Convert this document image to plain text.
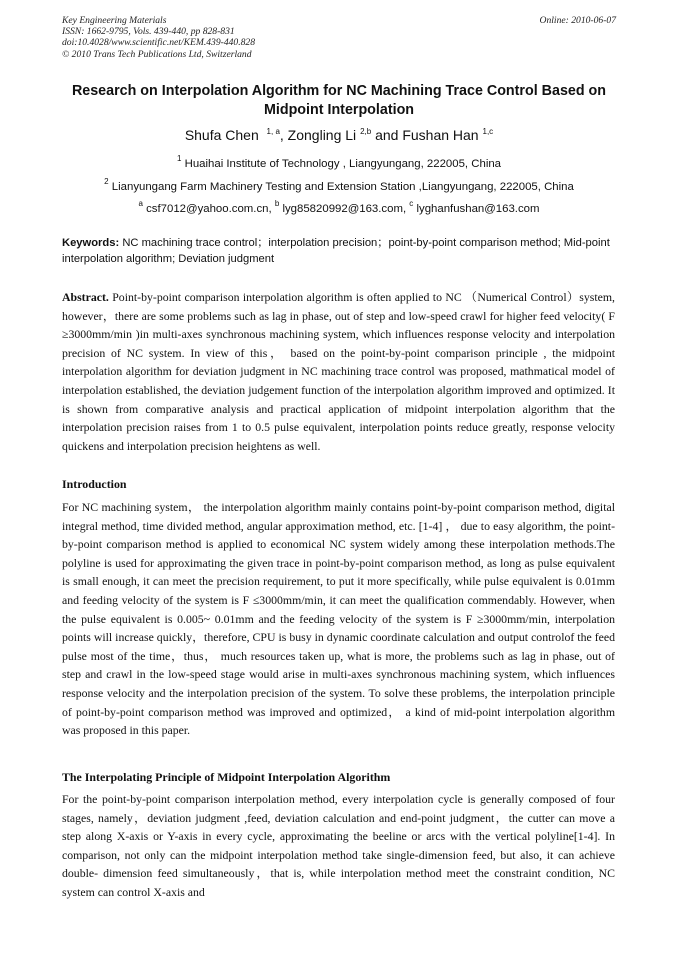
Key Engineering Materials
ISSN: 1662-9795, Vols. 439-440, pp 828-831
doi:10.4028/www.scientific.net/KEM.439-440.828
© 2010 Trans Tech Publications Ltd, Switzerland
Online: 2010-06-07
Research on Interpolation Algorithm for NC Machining Trace Control Based on Midpoint Interpolation
Shufa Chen $^{1, a}$, Zongling Li $^{2,b}$ and Fushan Han $^{1,c}$
$^1$ Huaihai Institute of Technology , Liangyungang, 222005, China
$^2$ Lianyungang Farm Machinery Testing and Extension Station ,Liangyungang, 222005, China
$^a$ csf7012@yahoo.com.cn, $^b$ lyg85820992@163.com, $^c$ lyghanfushan@163.com
Keywords: NC machining trace control；interpolation precision；point-by-point comparison method; Mid-point interpolation algorithm; Deviation judgment
Abstract. Point-by-point comparison interpolation algorithm is often applied to NC （Numerical Control）system, however，there are some problems such as lag in phase, out of step and low-speed crawl for higher feed velocity( F ≥3000mm/min )in multi-axes synchronous machining system, which influences response velocity and interpolation precision of NC system. In view of this， based on the point-by-point comparison principle , the midpoint interpolation algorithm for deviation judgment in NC machining trace control was proposed, mathmatical model of interpolation established, the deviation judgement function of the interpolation algorithm improved and optimized. It is shown from comparative analysis and practical application of midpoint interpolation algorithm that the interpolation precision raises from 1 to 0.5 pulse equivalent, interpolation points reduce greatly, response velocity quickens and interpolation precision heightens as well.
Introduction
For NC machining system， the interpolation algorithm mainly contains point-by-point comparison method, digital integral method, time divided method, angular approximation method, etc. [1-4] ， due to easy algorithm, the point-by-point comparison method is applied to economical NC system widely among these interpolation methods.The polyline is used for approximating the given trace in point-by-point comparison method, as long as pulse equivalent is small enough, it can meet the precision requirement, to put it more specifically, while pulse equivalent is 0.01mm and feeding velocity of the system is F ≤3000mm/min, it can meet the qualification commendably. However, when the pulse equivalent is 0.005~ 0.01mm and the feeding velocity of the system is F ≥3000mm/min, interpolation points will increase quickly，therefore, CPU is busy in dynamic coordinate calculation and output controlof the feed pulse most of the time，thus， much resources taken up, what is more, the problems such as lag in phase, out of step and crawl in the low-speed stage would arise in multi-axes synchronous machining system, which influences response velocity and the interpolation precision of the system. To solve these problems, the interpolation principle of point-by-point comparison method was improved and optimized， a kind of mid-point interpolation algorithm was proposed in this paper.
The Interpolating Principle of Midpoint Interpolation Algorithm
For the point-by-point comparison interpolation method, every interpolation cycle is generally composed of four stages, namely，deviation judgment ,feed, deviation calculation and end-point judgment，the cutter can move a step along X-axis or Y-axis in every cycle, approximating the beeline or arcs with the vertical polyline[1-4]. In comparison, not only can the midpoint interpolation method take single-dimension feed, but also, it can achieve double- dimension feed simultaneously，that is, while interpolation method meet the constraint condition, NC system can control X-axis and
